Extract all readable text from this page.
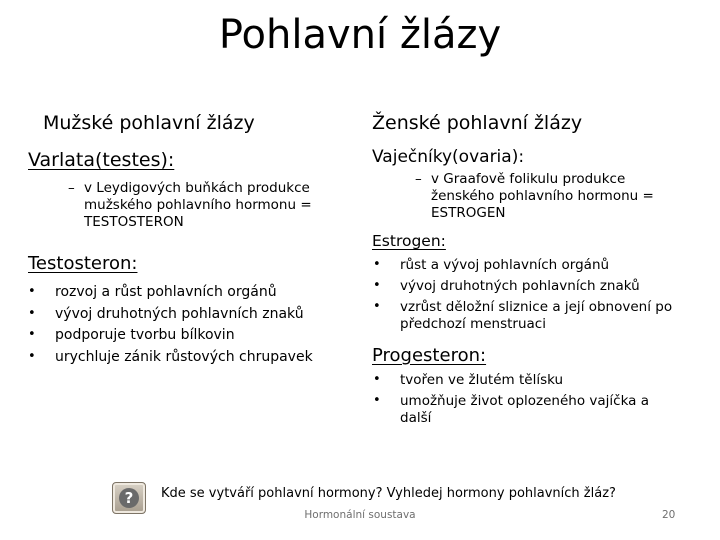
Pohlavní žlázy
Mužské pohlavní žlázy
Varlata(testes):
– v Leydigových buňkách produkce mužského pohlavního hormonu = TESTOSTERON
Testosteron:
• rozvoj a růst pohlavních orgánů
• vývoj druhotných pohlavních znaků
• podporuje tvorbu bílkovin
• urychluje zánik růstových chrupavek
Ženské pohlavní žlázy
Vaječníky(ovaria):
– v Graafově folikulu produkce ženského pohlavního hormonu = ESTROGEN
Estrogen:
• růst a vývoj pohlavních orgánů
• vývoj druhotných pohlavních znaků
• vzrůst děložní sliznice a její obnovení po předchozí menstruaci
Progesteron:
• tvořen ve žlutém tělísku
• umožňuje život oplozeného vajíčka a další
?	Kde se vytváří pohlavní hormony? Vyhledej hormony pohlavních žláz?
Hormonální soustava	20
